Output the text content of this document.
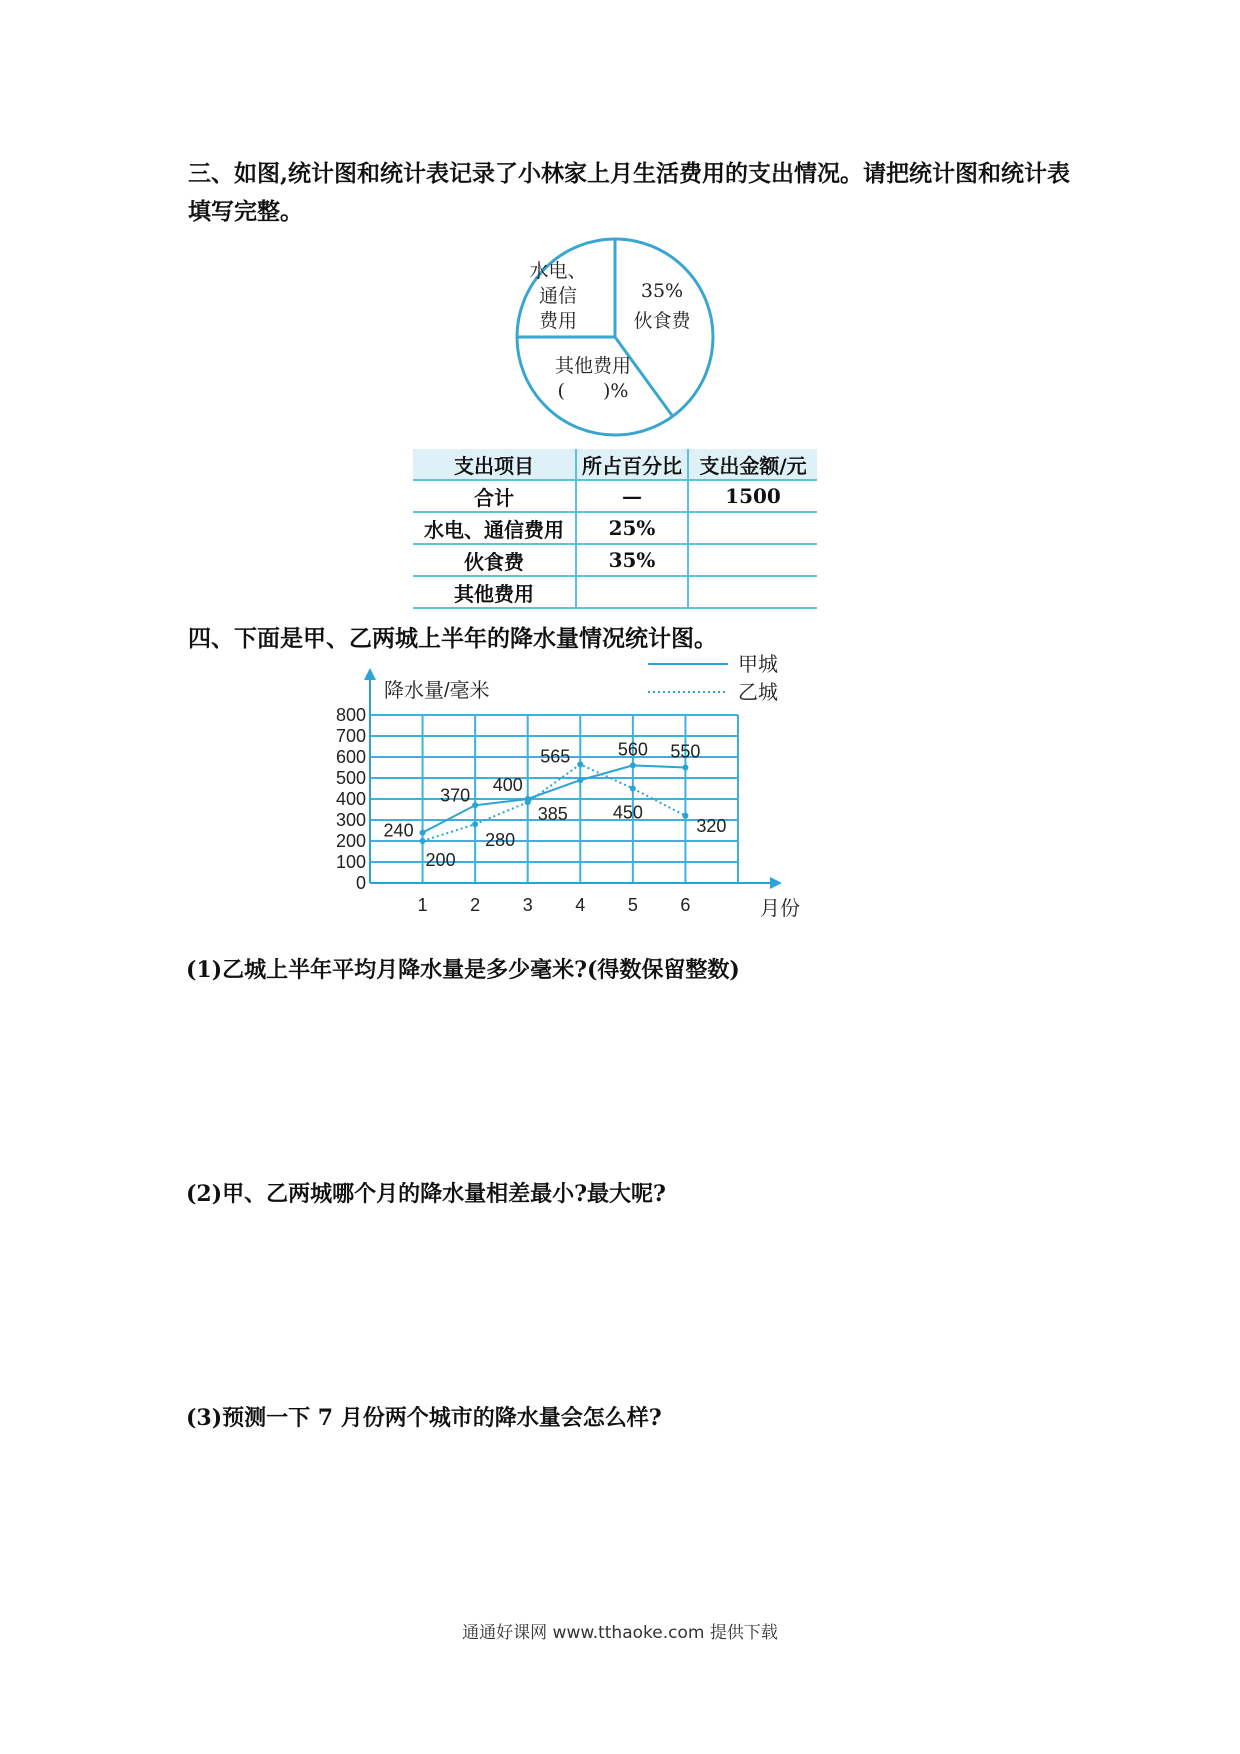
三、如图,统计图和统计表记录了小林家上月生活费用的支出情况。请把统计图和统计表填写完整。

水电、
通信
费用
35%
伙食费
其他费用
(　　)%
支出项目	所占百分比	支出金额/元
合计	—	1500
水电、通信费用	25%	
伙食费	35%	
其他费用		

四、下面是甲、乙两城上半年的降水量情况统计图。

0
100
200
300
400
500
600
700
800
1 2 3 4 5 6
240
370
400
560 550
200
280
385
565
450
320
甲城
乙城
降水量/毫米
月份

(1)乙城上半年平均月降水量是多少毫米?(得数保留整数)

(2)甲、乙两城哪个月的降水量相差最小?最大呢?

(3)预测一下 7 月份两个城市的降水量会怎么样?

通通好课网 www.tthaoke.com 提供下载
